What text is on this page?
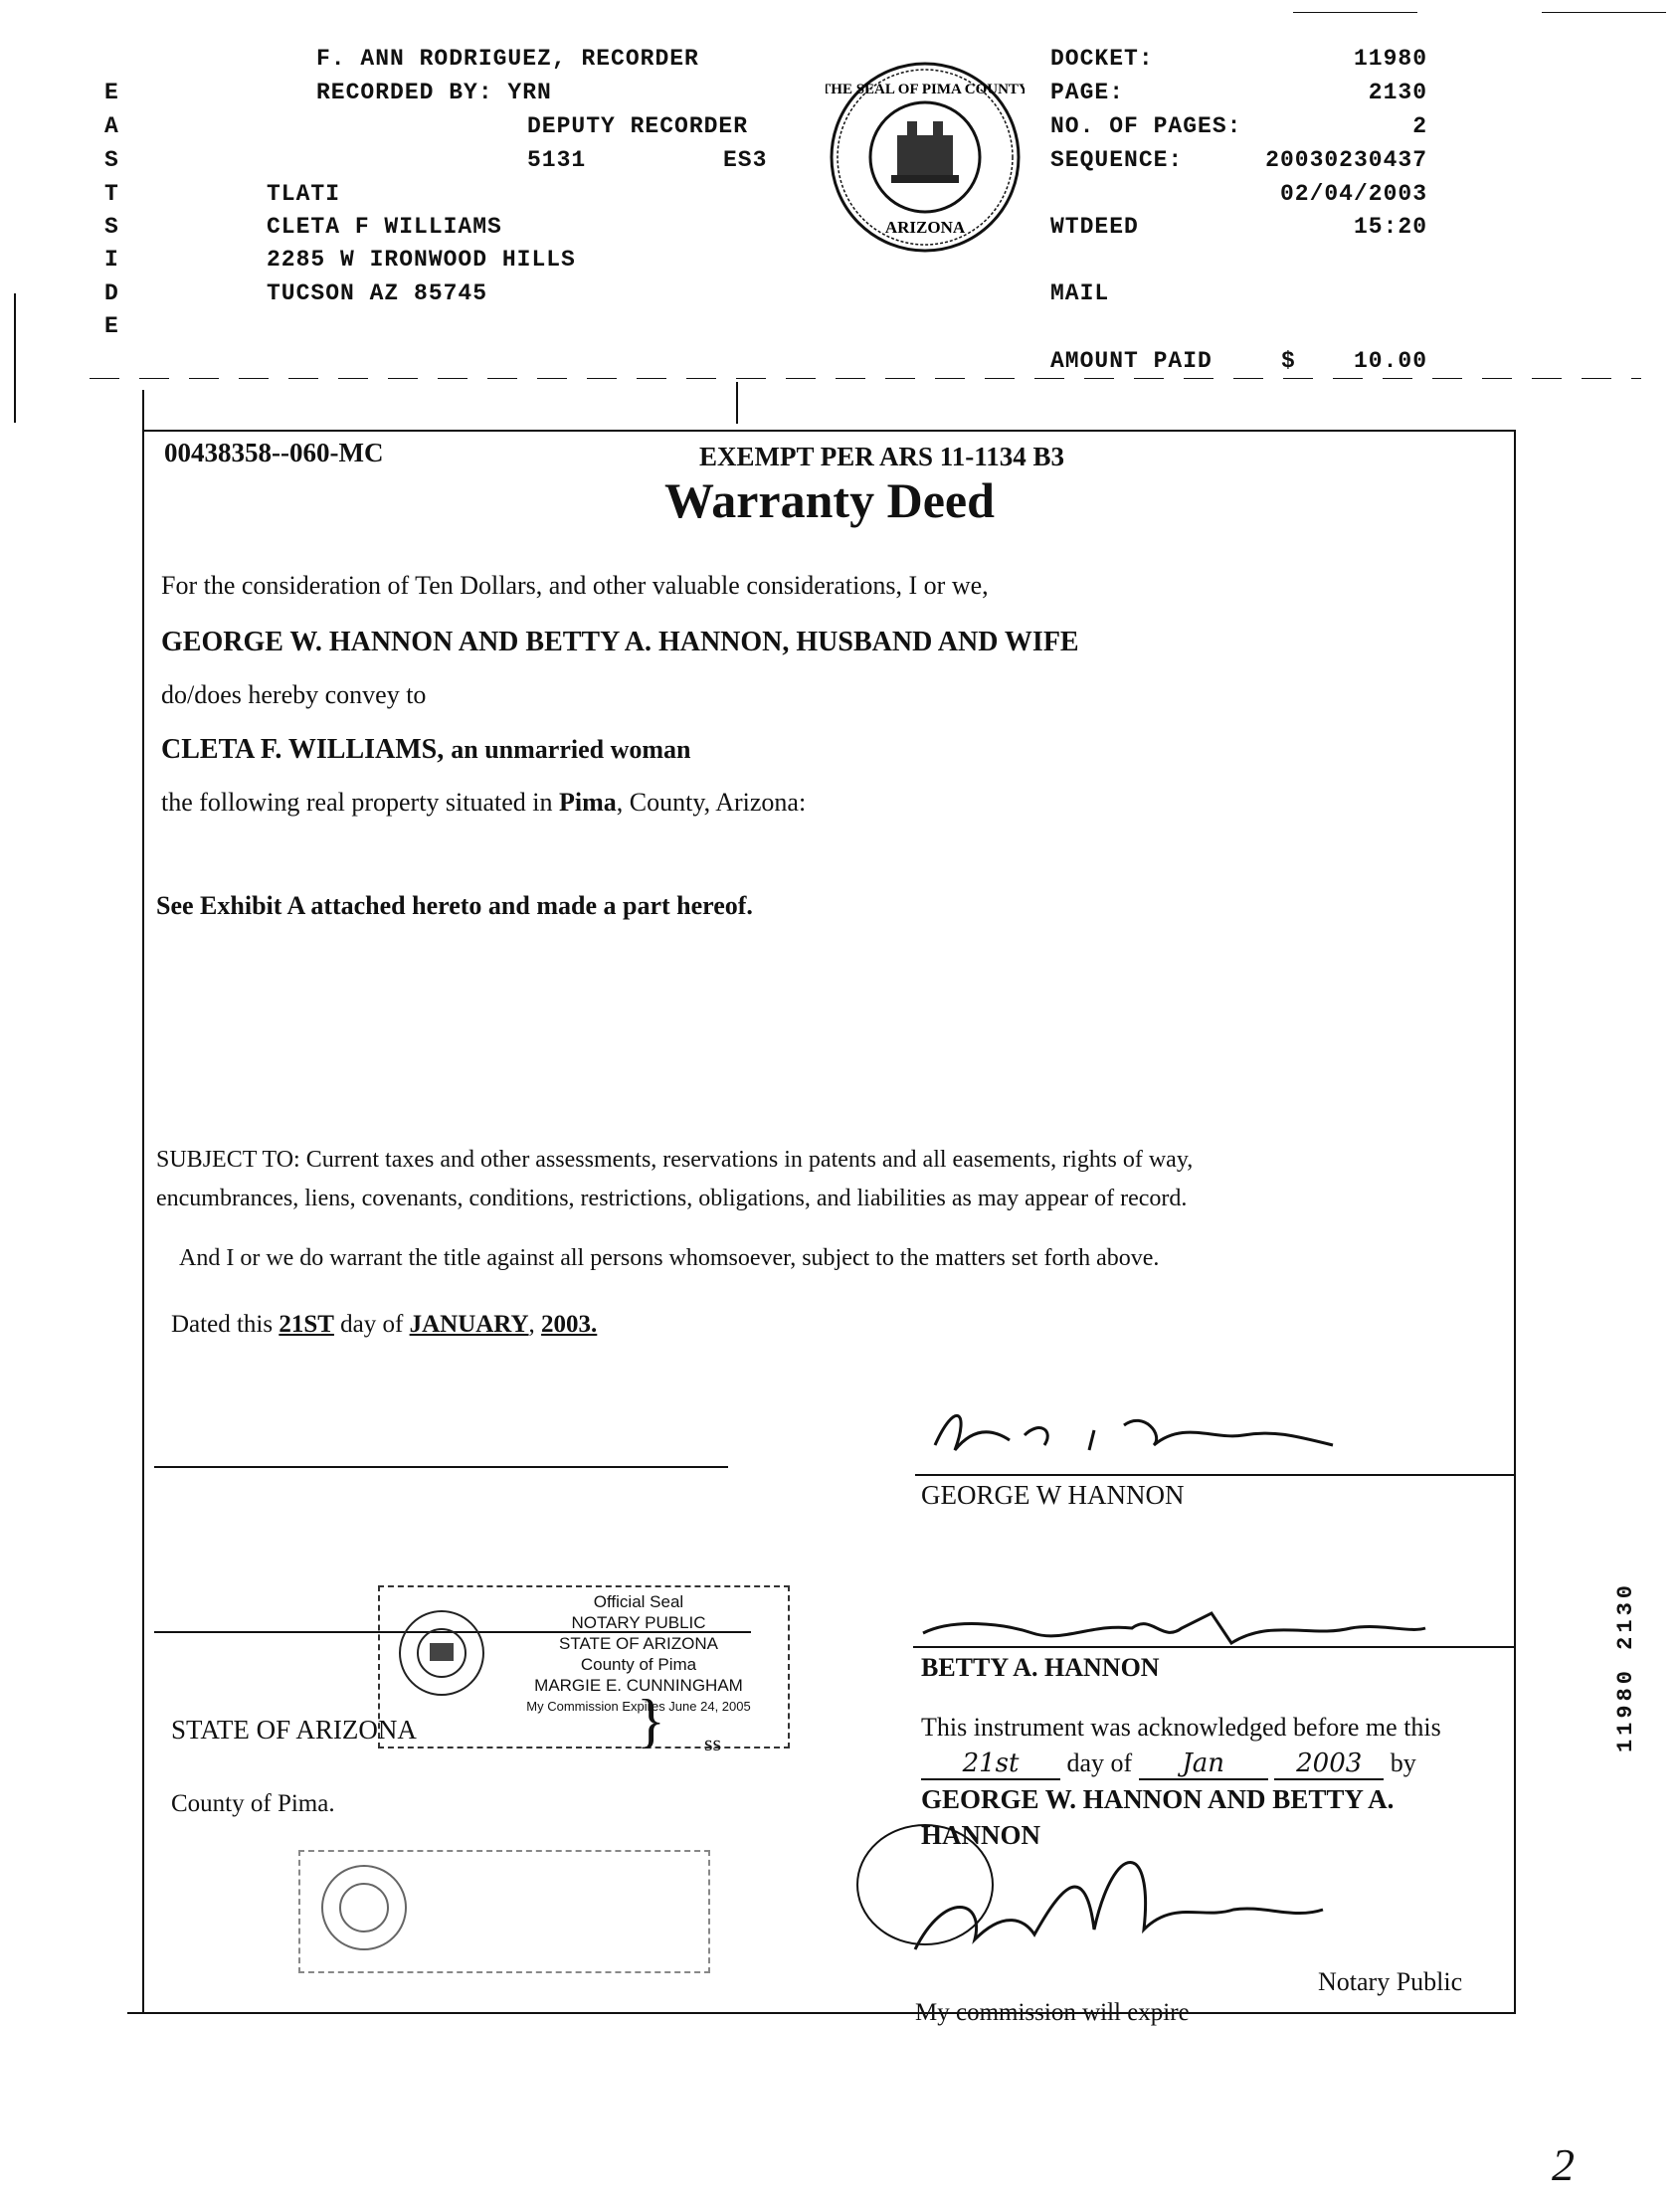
F. ANN RODRIGUEZ, RECORDER
RECORDED BY: YRN
DEPUTY RECORDER
5131	ES3
TLATI
CLETA F WILLIAMS
2285 W IRONWOOD HILLS
TUCSON AZ 85745
E
A
S
T
S
I
D
E
THE SEAL OF PIMA COUNTY
ARIZONA
DOCKET:	11980
PAGE:	2130
NO. OF PAGES:	2
SEQUENCE:	20030230437
02/04/2003
WTDEED	15:20
MAIL
AMOUNT PAID	$	10.00
00438358--060-MC	EXEMPT PER ARS 11-1134 B3
Warranty Deed
For the consideration of Ten Dollars, and other valuable considerations, I or we,
GEORGE W. HANNON AND BETTY A. HANNON, HUSBAND AND WIFE
do/does hereby convey to
CLETA F. WILLIAMS, an unmarried woman
the following real property situated in Pima, County, Arizona:
See Exhibit A attached hereto and made a part hereof.
SUBJECT TO: Current taxes and other assessments, reservations in patents and all easements, rights of way,
encumbrances, liens, covenants, conditions, restrictions, obligations, and liabilities as may appear of record.
And I or we do warrant the title against all persons whomsoever, subject to the matters set forth above.
Dated this 21ST day of JANUARY, 2003.
GEORGE W HANNON
BETTY A. HANNON
Official Seal
NOTARY PUBLIC
STATE OF ARIZONA
County of Pima
MARGIE E. CUNNINGHAM
My Commission Expires June 24, 2005
STATE OF ARIZONA
County of Pima.
} ss
This instrument was acknowledged before me this
21st day of Jan	2003 by
GEORGE W. HANNON AND BETTY A.
HANNON
Notary Public
My commission will expire
11980 2130
2
